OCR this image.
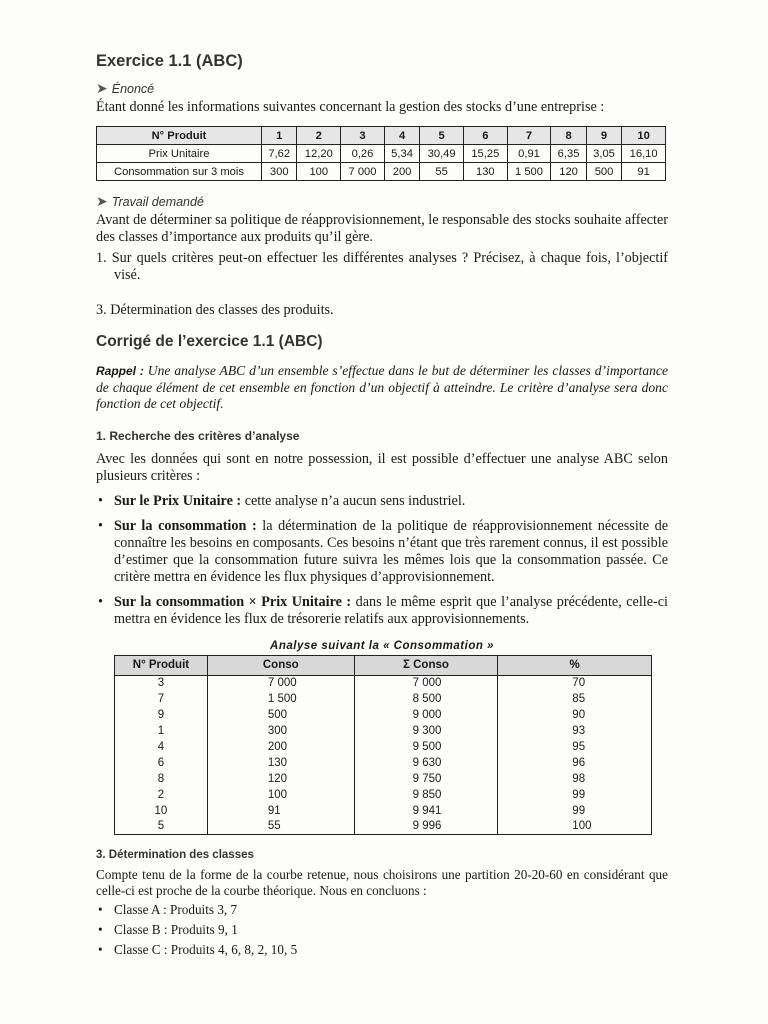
Exercice 1.1 (ABC)
➤ Énoncé

Étant donné les informations suivantes concernant la gestion des stocks d’une entreprise :

N° Produit	1	2	3	4	5	6	7	8	9	10
Prix Unitaire	7,62	12,20	0,26	5,34	30,49	15,25	0,91	6,35	3,05	16,10
Consommation sur 3 mois	300	100	7 000	200	55	130	1 500	120	500	91
➤ Travail demandé

Avant de déterminer sa politique de réapprovisionnement, le responsable des stocks souhaite affecter des classes d’importance aux produits qu’il gère.

1. Sur quels critères peut-on effectuer les différentes analyses ? Précisez, à chaque fois, l’objectif visé.

3. Détermination des classes des produits.

Corrigé de l’exercice 1.1 (ABC)

Rappel : Une analyse ABC d’un ensemble s’effectue dans le but de déterminer les classes d’importance de chaque élément de cet ensemble en fonction d’un objectif à atteindre. Le critère d’analyse sera donc fonction de cet objectif.

1. Recherche des critères d’analyse

Avec les données qui sont en notre possession, il est possible d’effectuer une analyse ABC selon plusieurs critères :

• Sur le Prix Unitaire : cette analyse n’a aucun sens industriel.
• Sur la consommation : la détermination de la politique de réapprovisionnement nécessite de connaître les besoins en composants. Ces besoins n’étant que très rarement connus, il est possible d’estimer que la consommation future suivra les mêmes lois que la consommation passée. Ce critère mettra en évidence les flux physiques d’approvisionnement.
• Sur la consommation × Prix Unitaire : dans le même esprit que l’analyse précédente, celle-ci mettra en évidence les flux de trésorerie relatifs aux approvisionnements.
Analyse suivant la « Consommation »
N° Produit	Conso	Σ Conso	%
3	7 000	7 000	70
7	1 500	8 500	85
9	500	9 000	90
1	300	9 300	93
4	200	9 500	95
6	130	9 630	96
8	120	9 750	98
2	100	9 850	99
10	91	9 941	99
5	55	9 996	100
3. Détermination des classes

Compte tenu de la forme de la courbe retenue, nous choisirons une partition 20-20-60 en considérant que celle-ci est proche de la courbe théorique. Nous en concluons :

• Classe A : Produits 3, 7
• Classe B : Produits 9, 1
• Classe C : Produits 4, 6, 8, 2, 10, 5
